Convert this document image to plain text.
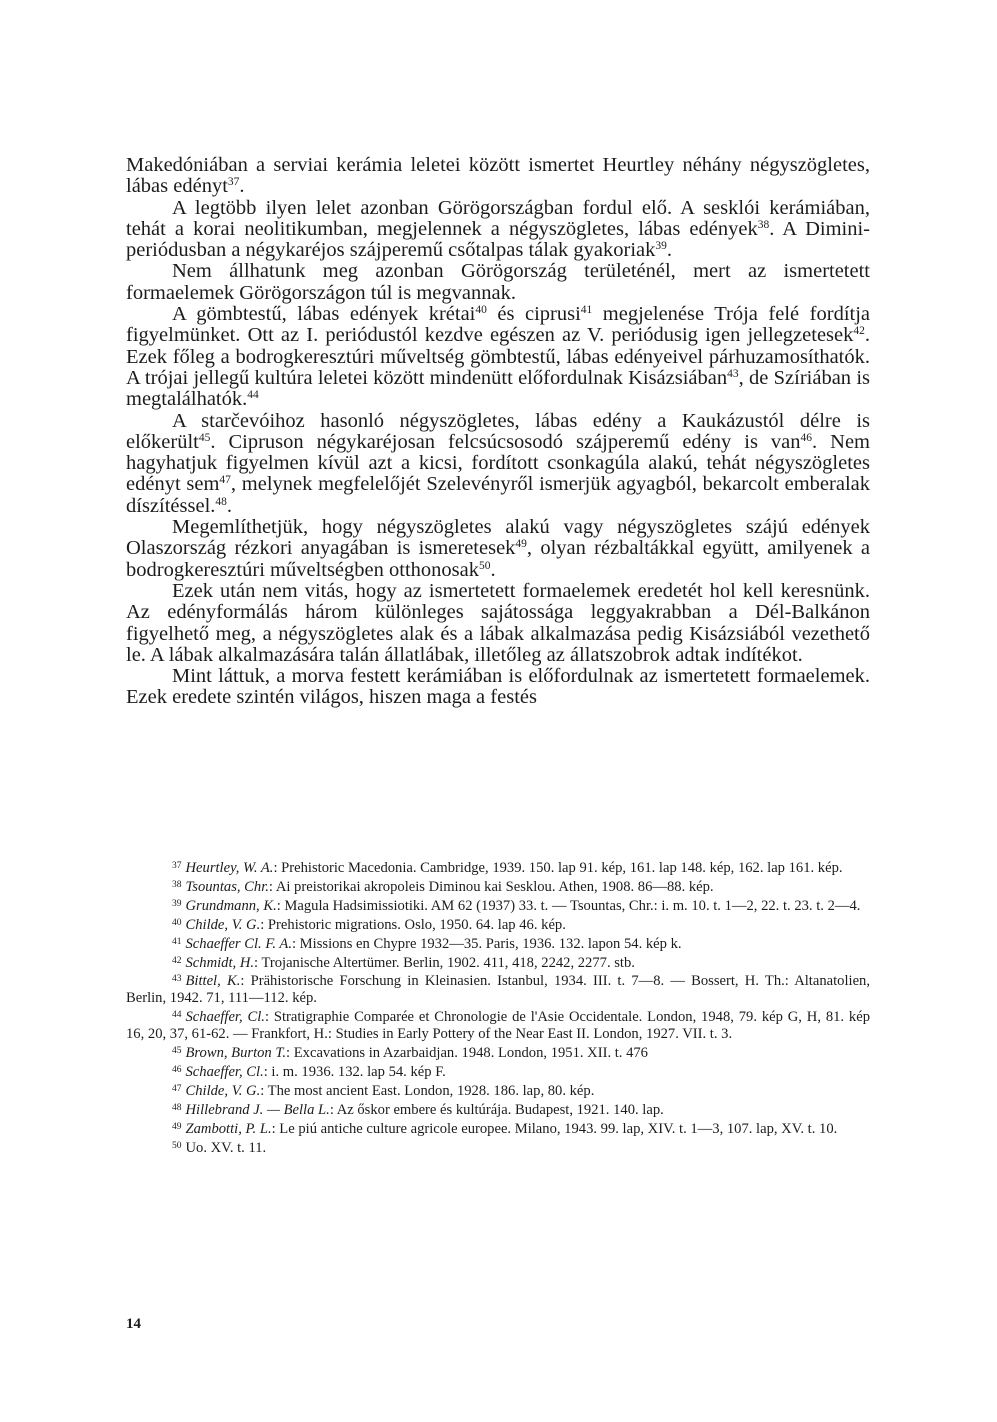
Makedóniában a serviai kerámia leletei között ismertet Heurtley néhány négyszögletes, lábas edényt$^{37}$.

A legtöbb ilyen lelet azonban Görögországban fordul elő. A sesklói kerámiában, tehát a korai neolitikumban, megjelennek a négyszögletes, lábas edények$^{38}$. A Dimini-periódusban a négykaréjos szájperemű csőtalpas tálak gyakoriak$^{39}$.

Nem állhatunk meg azonban Görögország területénél, mert az ismertetett formaelemek Görögországon túl is megvannak.

A gömbtestű, lábas edények krétai$^{40}$ és ciprusi$^{41}$ megjelenése Trója felé fordítja figyelmünket. Ott az I. periódustól kezdve egészen az V. periódusig igen jellegzetesek$^{42}$. Ezek főleg a bodrogkeresztúri műveltség gömbtestű, lábas edényeivel párhuzamosíthatók. A trójai jellegű kultúra leletei között mindenütt előfordulnak Kisázsiában$^{43}$, de Szíriában is megtalálhatók.$^{44}$

A starčevóihoz hasonló négyszögletes, lábas edény a Kaukázustól délre is előkerült$^{45}$. Cipruson négykaréjosan felcsúcsosodó szájperemű edény is van$^{46}$. Nem hagyhatjuk figyelmen kívül azt a kicsi, fordított csonkagúla alakú, tehát négyszögletes edényt sem$^{47}$, melynek megfelelőjét Szelevényről ismerjük agyagból, bekarcolt emberalak díszítéssel.$^{48}$.

Megemlíthetjük, hogy négyszögletes alakú vagy négyszögletes szájú edények Olaszország rézkori anyagában is ismeretesek$^{49}$, olyan rézbaltákkal együtt, amilyenek a bodrogkeresztúri műveltségben otthonosak$^{50}$.

Ezek után nem vitás, hogy az ismertetett formaelemek eredetét hol kell keresnünk. Az edényformálás három különleges sajátossága leggyakrabban a Dél-Balkánon figyelhető meg, a négyszögletes alak és a lábak alkalmazása pedig Kisázsiából vezethető le. A lábak alkalmazására talán állatlábak, illetőleg az állatszobrok adtak indítékot.

Mint láttuk, a morva festett kerámiában is előfordulnak az ismertetett formaelemek. Ezek eredete szintén világos, hiszen maga a festés

$^{37}$ Heurtley, W. A.: Prehistoric Macedonia. Cambridge, 1939. 150. lap 91. kép, 161. lap 148. kép, 162. lap 161. kép.

$^{38}$ Tsountas, Chr.: Ai preistorikai akropoleis Diminou kai Sesklou. Athen, 1908. 86—88. kép.

$^{39}$ Grundmann, K.: Magula Hadsimissiotiki. AM 62 (1937) 33. t. — Tsountas, Chr.: i. m. 10. t. 1—2, 22. t. 23. t. 2—4.

$^{40}$ Childe, V. G.: Prehistoric migrations. Oslo, 1950. 64. lap 46. kép.

$^{41}$ Schaeffer Cl. F. A.: Missions en Chypre 1932—35. Paris, 1936. 132. lapon 54. kép k.

$^{42}$ Schmidt, H.: Trojanische Altertümer. Berlin, 1902. 411, 418, 2242, 2277. stb.

$^{43}$ Bittel, K.: Prähistorische Forschung in Kleinasien. Istanbul, 1934. III. t. 7—8. — Bossert, H. Th.: Altanatolien, Berlin, 1942. 71, 111—112. kép.

$^{44}$ Schaeffer, Cl.: Stratigraphie Comparée et Chronologie de l'Asie Occidentale. London, 1948, 79. kép G, H, 81. kép 16, 20, 37, 61-62. — Frankfort, H.: Studies in Early Pottery of the Near East II. London, 1927. VII. t. 3.

$^{45}$ Brown, Burton T.: Excavations in Azarbaidjan. 1948. London, 1951. XII. t. 476

$^{46}$ Schaeffer, Cl.: i. m. 1936. 132. lap 54. kép F.

$^{47}$ Childe, V. G.: The most ancient East. London, 1928. 186. lap, 80. kép.

$^{48}$ Hillebrand J. — Bella L.: Az őskor embere és kultúrája. Budapest, 1921. 140. lap.

$^{49}$ Zambotti, P. L.: Le piú antiche culture agricole europee. Milano, 1943. 99. lap, XIV. t. 1—3, 107. lap, XV. t. 10.

$^{50}$ Uo. XV. t. 11.

14
